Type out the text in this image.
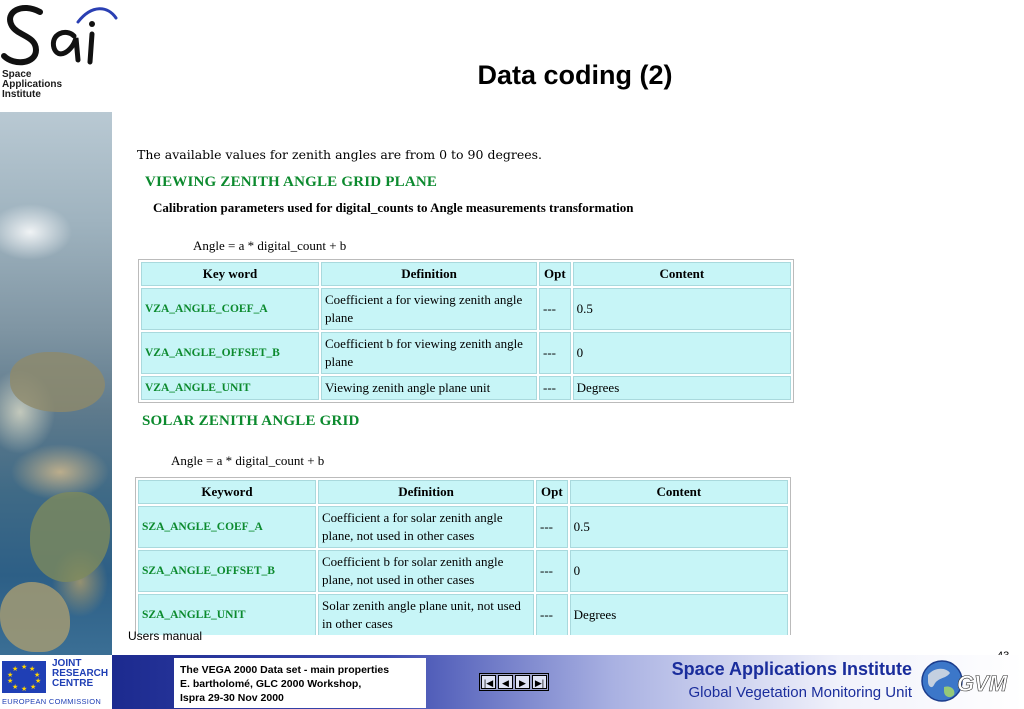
Space
Applications
Institute
Data coding (2)
The available values for zenith angles are from 0 to 90 degrees.
VIEWING ZENITH ANGLE GRID PLANE
Calibration parameters used for digital_counts to Angle measurements transformation
Angle = a * digital_count + b
Key word	Definition	Opt	Content
VZA_ANGLE_COEF_A	Coefficient a for viewing zenith angle plane	---	0.5
VZA_ANGLE_OFFSET_B	Coefficient b for viewing zenith angle plane	---	0
VZA_ANGLE_UNIT	Viewing zenith angle plane unit	---	Degrees
SOLAR ZENITH ANGLE GRID
Angle = a * digital_count + b
Keyword	Definition	Opt	Content
SZA_ANGLE_COEF_A	Coefficient a for solar zenith angle plane, not used in other cases	---	0.5
SZA_ANGLE_OFFSET_B	Coefficient b for solar zenith angle plane, not used in other cases	---	0
SZA_ANGLE_UNIT	Solar zenith angle plane unit, not used in other cases	---	Degrees
Users manual
★ ★
★
★
★
★
★
★
★
★
JOINT
RESEARCH
CENTRE
EUROPEAN COMMISSION
The VEGA 2000 Data set - main properties
E. bartholomé, GLC 2000 Workshop,
Ispra 29-30 Nov 2000
|◀ ◀	▶ ▶|
Space Applications Institute
Global Vegetation Monitoring Unit GVM
